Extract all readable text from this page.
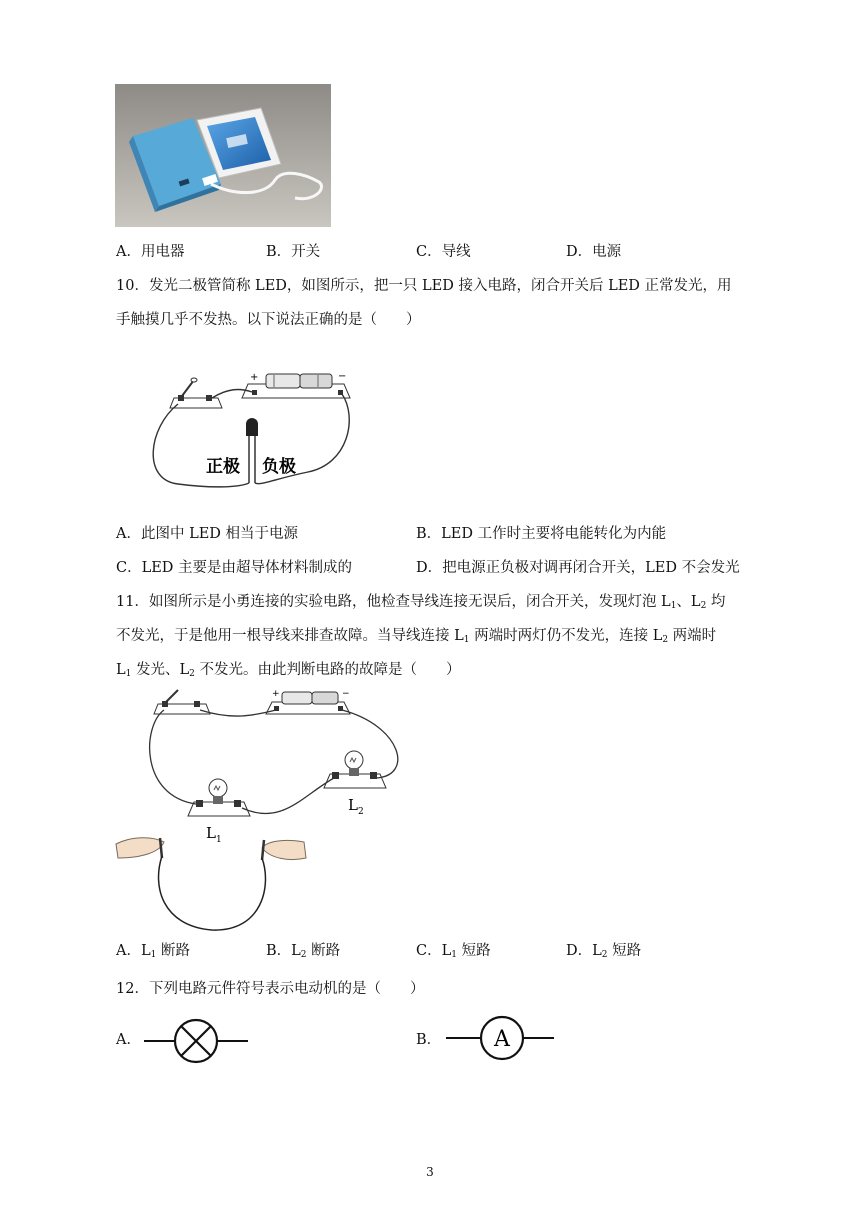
A．用电器	B．开关	C．导线	D．电源
10．发光二极管简称 LED，如图所示，把一只 LED 接入电路，闭合开关后 LED 正常发光，用
手触摸几乎不发热。以下说法正确的是（　　）
+	−
正极 负极
A．此图中 LED 相当于电源	B．LED 工作时主要将电能转化为内能
C．LED 主要是由超导体材料制成的	D．把电源正负极对调再闭合开关，LED 不会发光
11．如图所示是小勇连接的实验电路，他检查导线连接无误后，闭合开关，发现灯泡 $L_1$、$L_2$ 均
不发光，于是他用一根导线来排查故障。当导线连接 $L_1$ 两端时两灯仍不发光，连接 $L_2$ 两端时
$L_1$ 发光、$L_2$ 不发光。由此判断电路的故障是（　　）
+	−
$L_1$
$L_2$
A．$L_1$ 断路	B．$L_2$ 断路	C．$L_1$ 短路	D．$L_2$ 短路
12．下列电路元件符号表示电动机的是（　　）
A．	B． A
3
